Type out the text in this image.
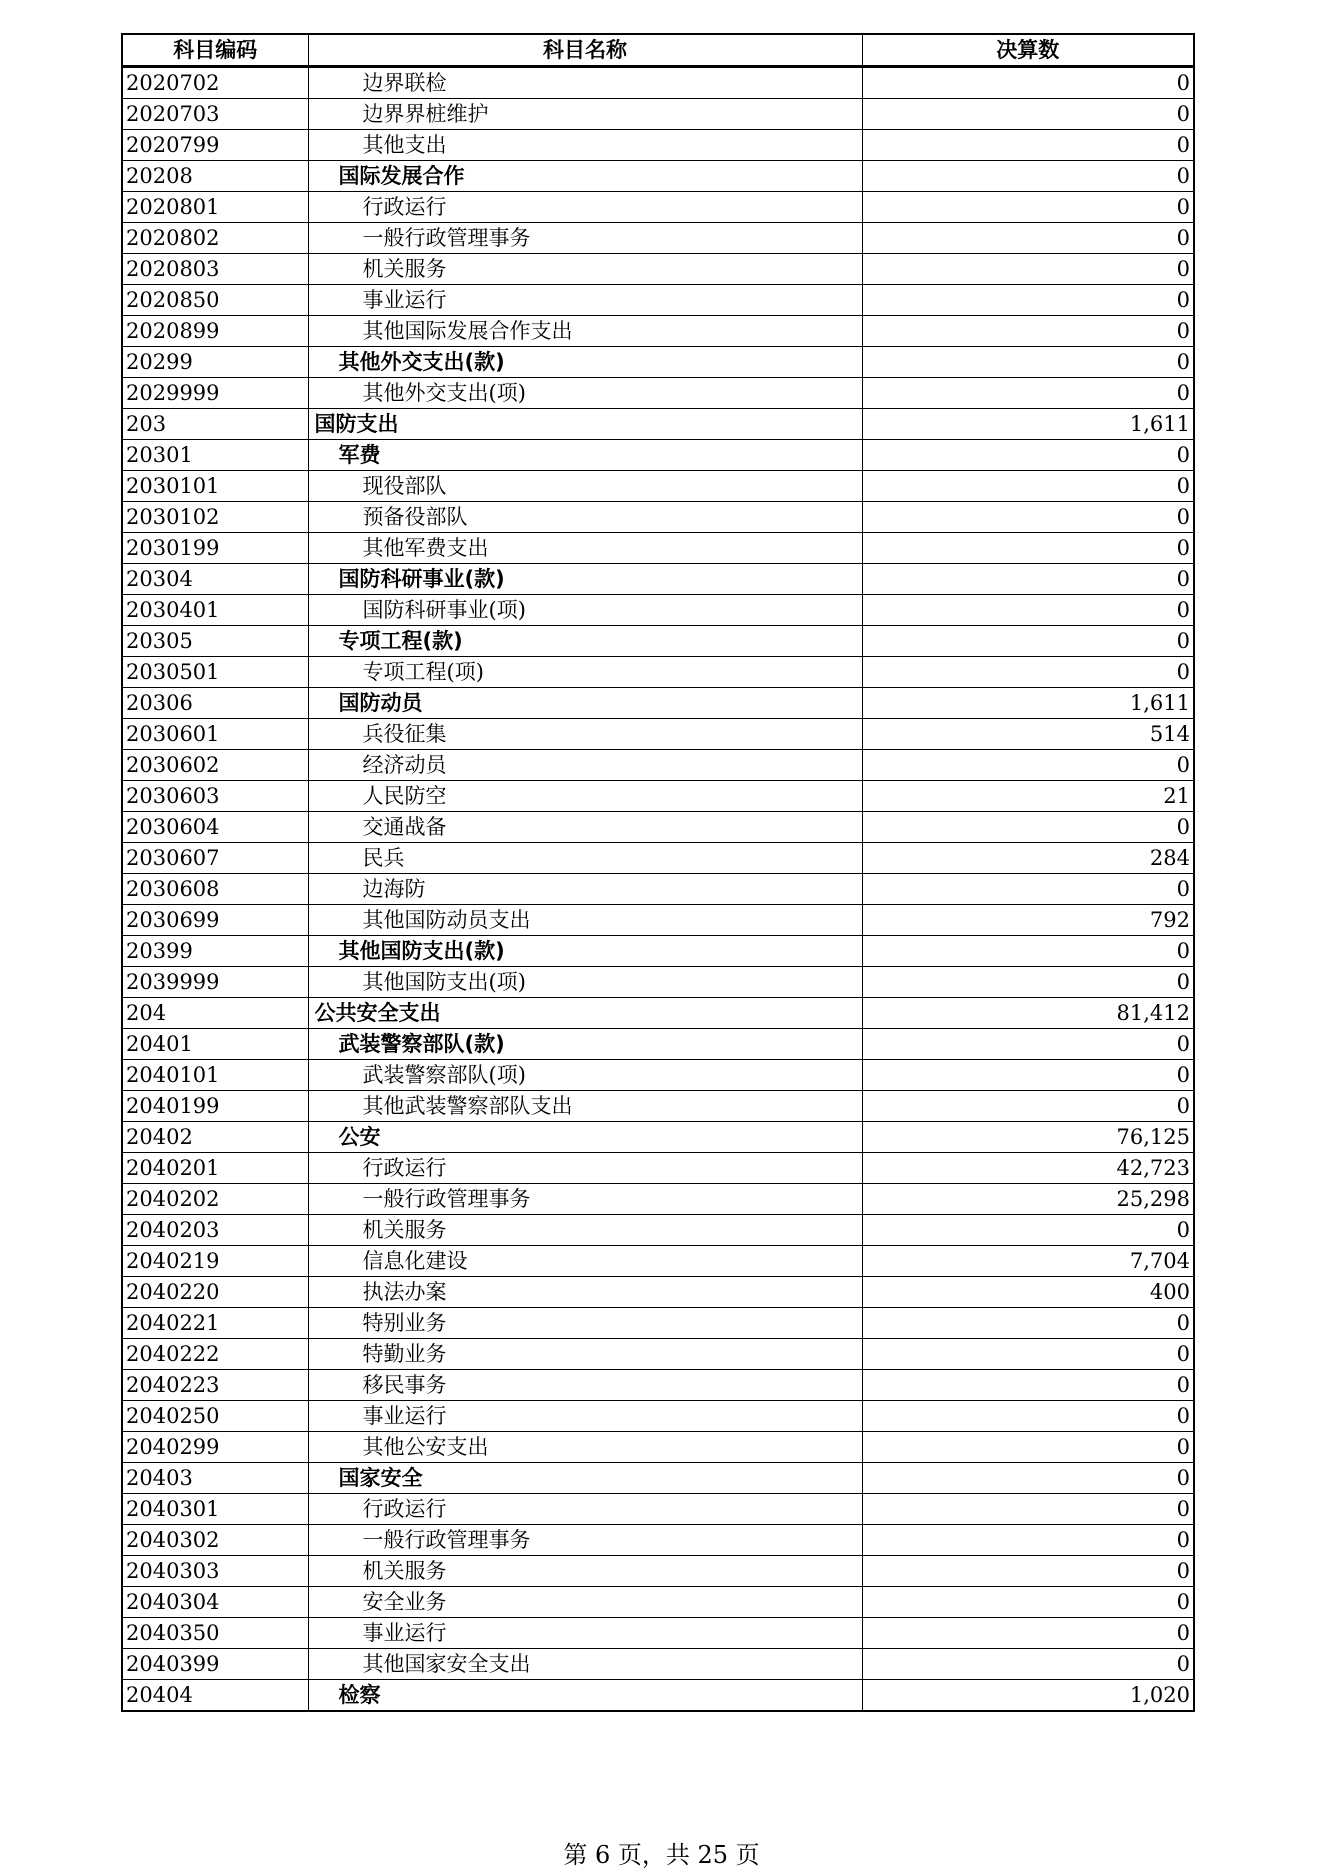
科目编码	科目名称	决算数
2020702	边界联检	0
2020703	边界界桩维护	0
2020799	其他支出	0
20208	国际发展合作	0
2020801	行政运行	0
2020802	一般行政管理事务	0
2020803	机关服务	0
2020850	事业运行	0
2020899	其他国际发展合作支出	0
20299	其他外交支出(款)	0
2029999	其他外交支出(项)	0
203	国防支出	1,611
20301	军费	0
2030101	现役部队	0
2030102	预备役部队	0
2030199	其他军费支出	0
20304	国防科研事业(款)	0
2030401	国防科研事业(项)	0
20305	专项工程(款)	0
2030501	专项工程(项)	0
20306	国防动员	1,611
2030601	兵役征集	514
2030602	经济动员	0
2030603	人民防空	21
2030604	交通战备	0
2030607	民兵	284
2030608	边海防	0
2030699	其他国防动员支出	792
20399	其他国防支出(款)	0
2039999	其他国防支出(项)	0
204	公共安全支出	81,412
20401	武装警察部队(款)	0
2040101	武装警察部队(项)	0
2040199	其他武装警察部队支出	0
20402	公安	76,125
2040201	行政运行	42,723
2040202	一般行政管理事务	25,298
2040203	机关服务	0
2040219	信息化建设	7,704
2040220	执法办案	400
2040221	特别业务	0
2040222	特勤业务	0
2040223	移民事务	0
2040250	事业运行	0
2040299	其他公安支出	0
20403	国家安全	0
2040301	行政运行	0
2040302	一般行政管理事务	0
2040303	机关服务	0
2040304	安全业务	0
2040350	事业运行	0
2040399	其他国家安全支出	0
20404	检察	1,020
第 6 页，共 25 页
